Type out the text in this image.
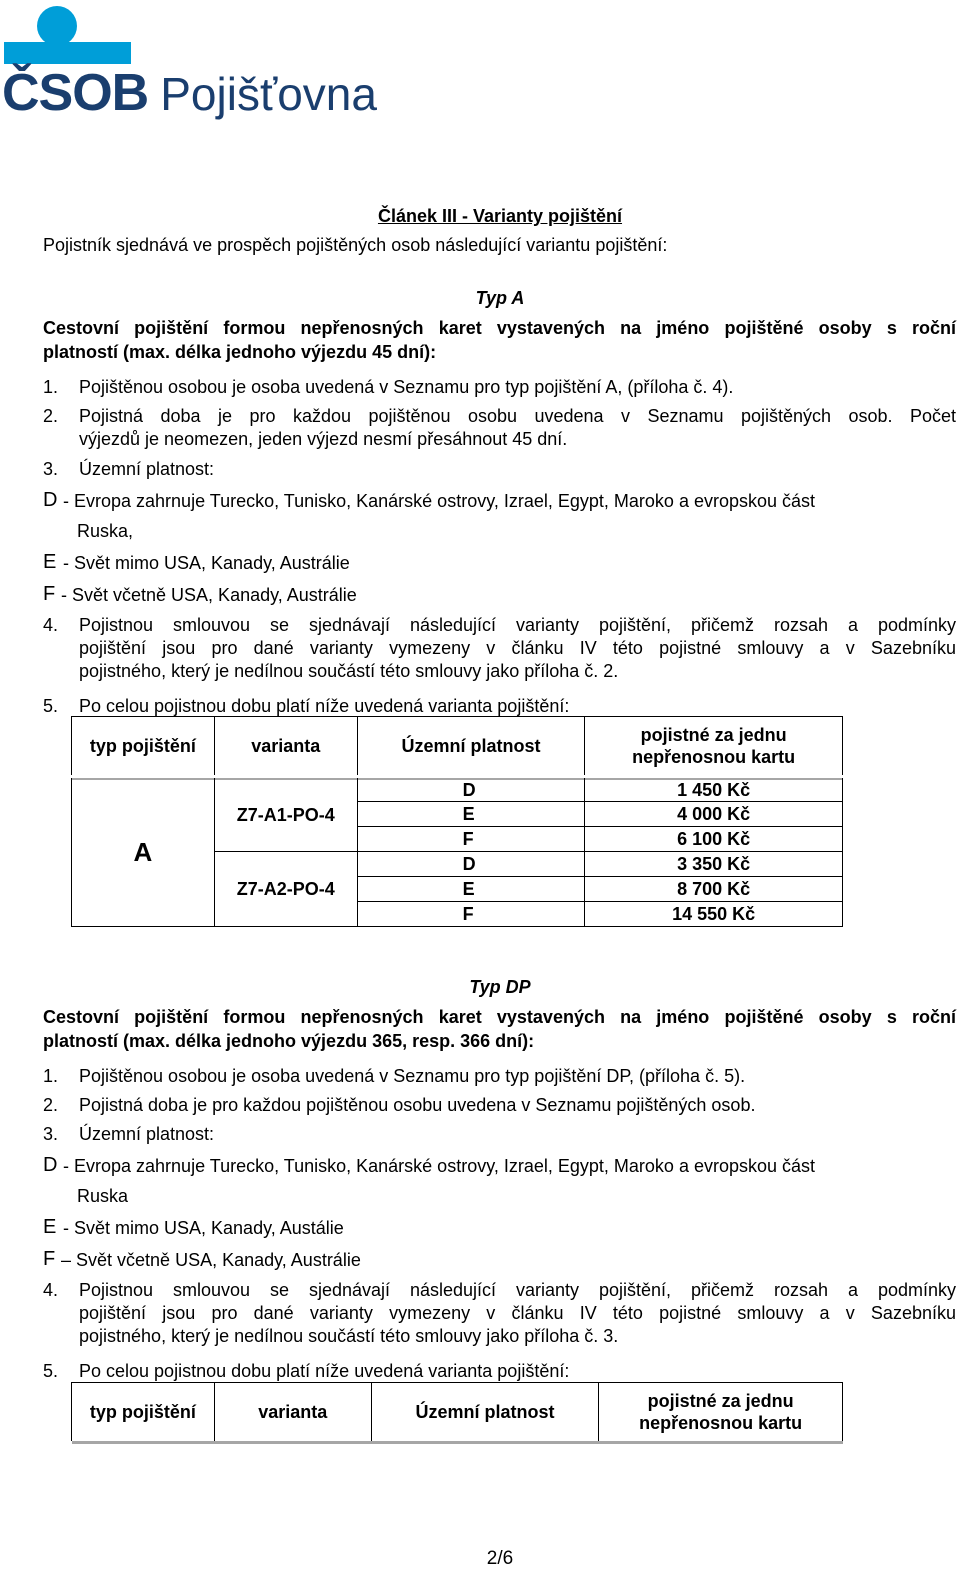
ČSOB Pojišťovna
Článek III - Varianty pojištění
Pojistník sjednává ve prospěch pojištěných osob následující variantu pojištění:
Typ A
Cestovní pojištění formou nepřenosných karet vystavených na jméno pojištěné osoby s roční
platností (max. délka jednoho výjezdu 45 dní):
1. Pojištěnou osobou je osoba uvedená v Seznamu pro typ pojištění A, (příloha č. 4).
2. Pojistná doba je pro každou pojištěnou osobu uvedena v Seznamu pojištěných osob. Počet
výjezdů je neomezen, jeden výjezd nesmí přesáhnout 45 dní.
3. Územní platnost:
D - Evropa zahrnuje Turecko, Tunisko, Kanárské ostrovy, Izrael, Egypt, Maroko a evropskou část
Ruska,
E - Svět mimo USA, Kanady, Austrálie
F - Svět včetně USA, Kanady, Austrálie
4. Pojistnou smlouvou se sjednávají následující varianty pojištění, přičemž rozsah a podmínky
pojištění jsou pro dané varianty vymezeny v článku IV této pojistné smlouvy a v Sazebníku
pojistného, který je nedílnou součástí této smlouvy jako příloha č. 2.
5. Po celou pojistnou dobu platí níže uvedená varianta pojištění:
typ pojištění	varianta	Územní platnost	pojistné za jednu
nepřenosnou kartu
A	Z7-A1-PO-4	D	1 450 Kč
		E	4 000 Kč
		F	6 100 Kč
	Z7-A2-PO-4	D	3 350 Kč
		E	8 700 Kč
		F	14 550 Kč
Typ DP
Cestovní pojištění formou nepřenosných karet vystavených na jméno pojištěné osoby s roční
platností (max. délka jednoho výjezdu 365, resp. 366 dní):
1. Pojištěnou osobou je osoba uvedená v Seznamu pro typ pojištění DP, (příloha č. 5).
2. Pojistná doba je pro každou pojištěnou osobu uvedena v Seznamu pojištěných osob.
3. Územní platnost:
D - Evropa zahrnuje Turecko, Tunisko, Kanárské ostrovy, Izrael, Egypt, Maroko a evropskou část
Ruska
E - Svět mimo USA, Kanady, Austálie
F – Svět včetně USA, Kanady, Austrálie
4. Pojistnou smlouvou se sjednávají následující varianty pojištění, přičemž rozsah a podmínky
pojištění jsou pro dané varianty vymezeny v článku IV této pojistné smlouvy a v Sazebníku
pojistného, který je nedílnou součástí této smlouvy jako příloha č. 3.
5. Po celou pojistnou dobu platí níže uvedená varianta pojištění:
typ pojištění	varianta	Územní platnost	pojistné za jednu
nepřenosnou kartu
2/6
